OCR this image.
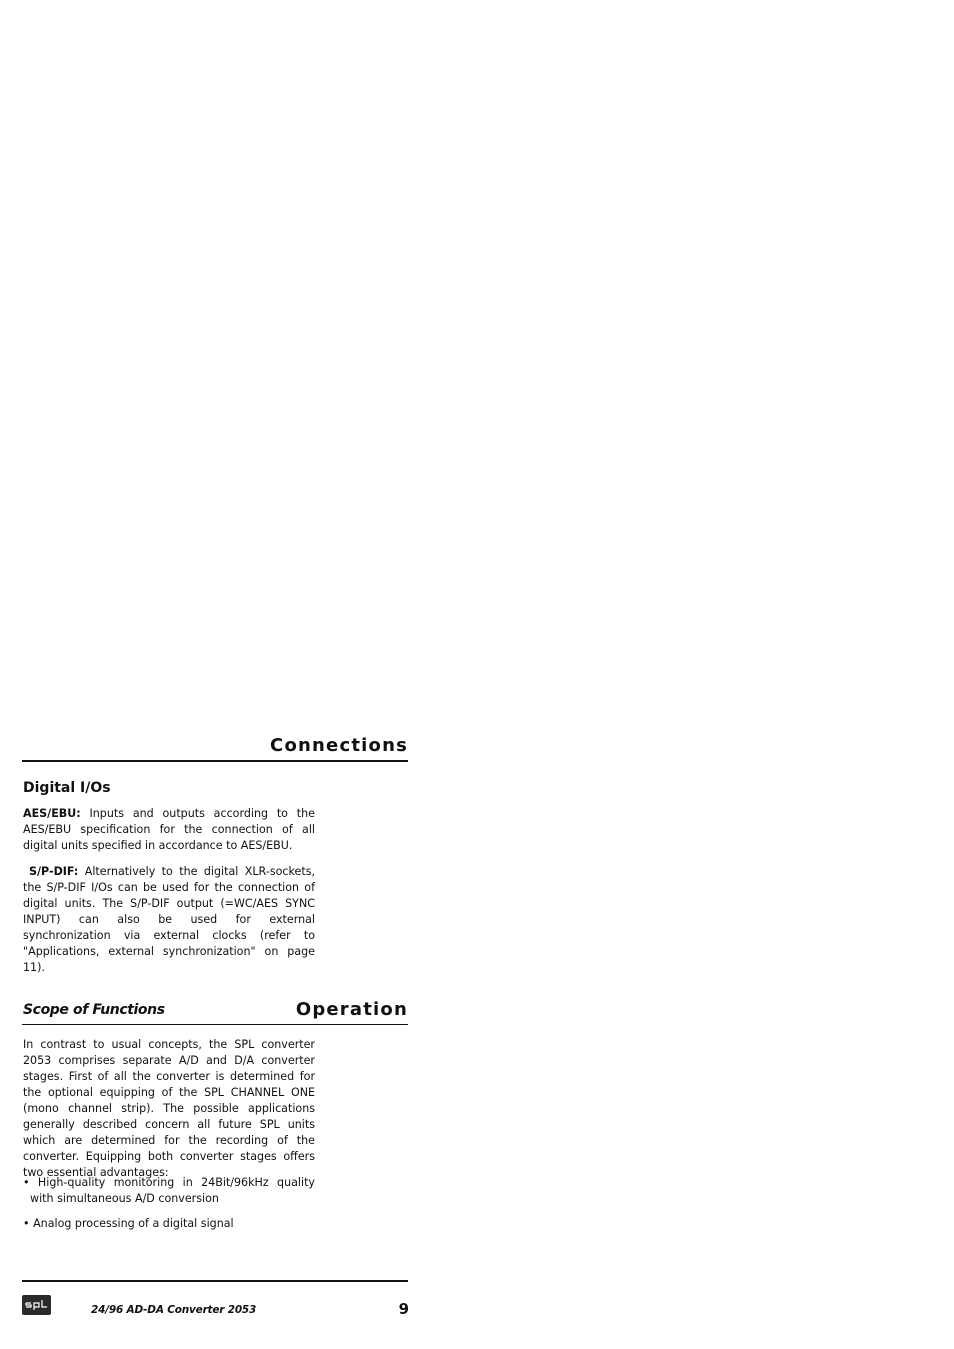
Connections
Digital I/Os
AES/EBU: Inputs and outputs according to the AES/EBU specification for the connection of all digital units specified in accordance to AES/EBU.
S/P-DIF: Alternatively to the digital XLR-sockets, the S/P-DIF I/Os can be used for the connection of digital units. The S/P-DIF output (=WC/AES SYNC INPUT) can also be used for external synchronization via external clocks (refer to "Applications, external synchronization" on page 11).
Scope of Functions	Operation
In contrast to usual concepts, the SPL converter 2053 comprises separate A/D and D/A converter stages. First of all the converter is determined for the optional equipping of the SPL CHANNEL ONE (mono channel strip). The possible applications generally described concern all future SPL units which are determined for the recording of the converter. Equipping both converter stages offers two essential advantages:
• High-quality monitoring in 24Bit/96kHz quality with simultaneous A/D conversion
• Analog processing of a digital signal
24/96 AD-DA Converter 2053	9
